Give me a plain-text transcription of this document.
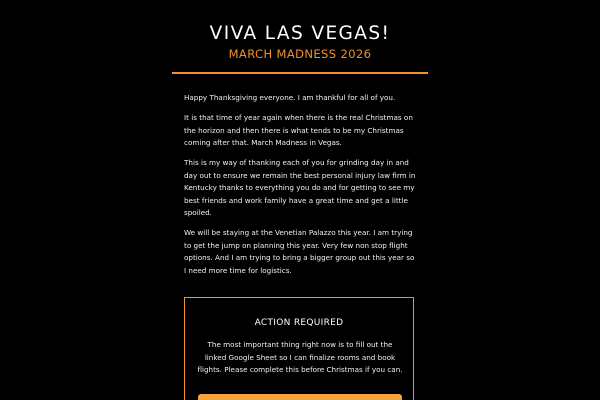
VIVA LAS VEGAS!
MARCH MADNESS 2026

Happy Thanksgiving everyone. I am thankful for all of you.

It is that time of year again when there is the real Christmas on the horizon and then there is what tends to be my Christmas coming after that. March Madness in Vegas.

This is my way of thanking each of you for grinding day in and day out to ensure we remain the best personal injury law firm in Kentucky thanks to everything you do and for getting to see my best friends and work family have a great time and get a little spoiled.

We will be staying at the Venetian Palazzo this year. I am trying to get the jump on planning this year. Very few non stop flight options. And I am trying to bring a bigger group out this year so I need more time for logistics.

ACTION REQUIRED
The most important thing right now is to fill out the linked Google Sheet so I can finalize rooms and book flights. Please complete this before Christmas if you can.
